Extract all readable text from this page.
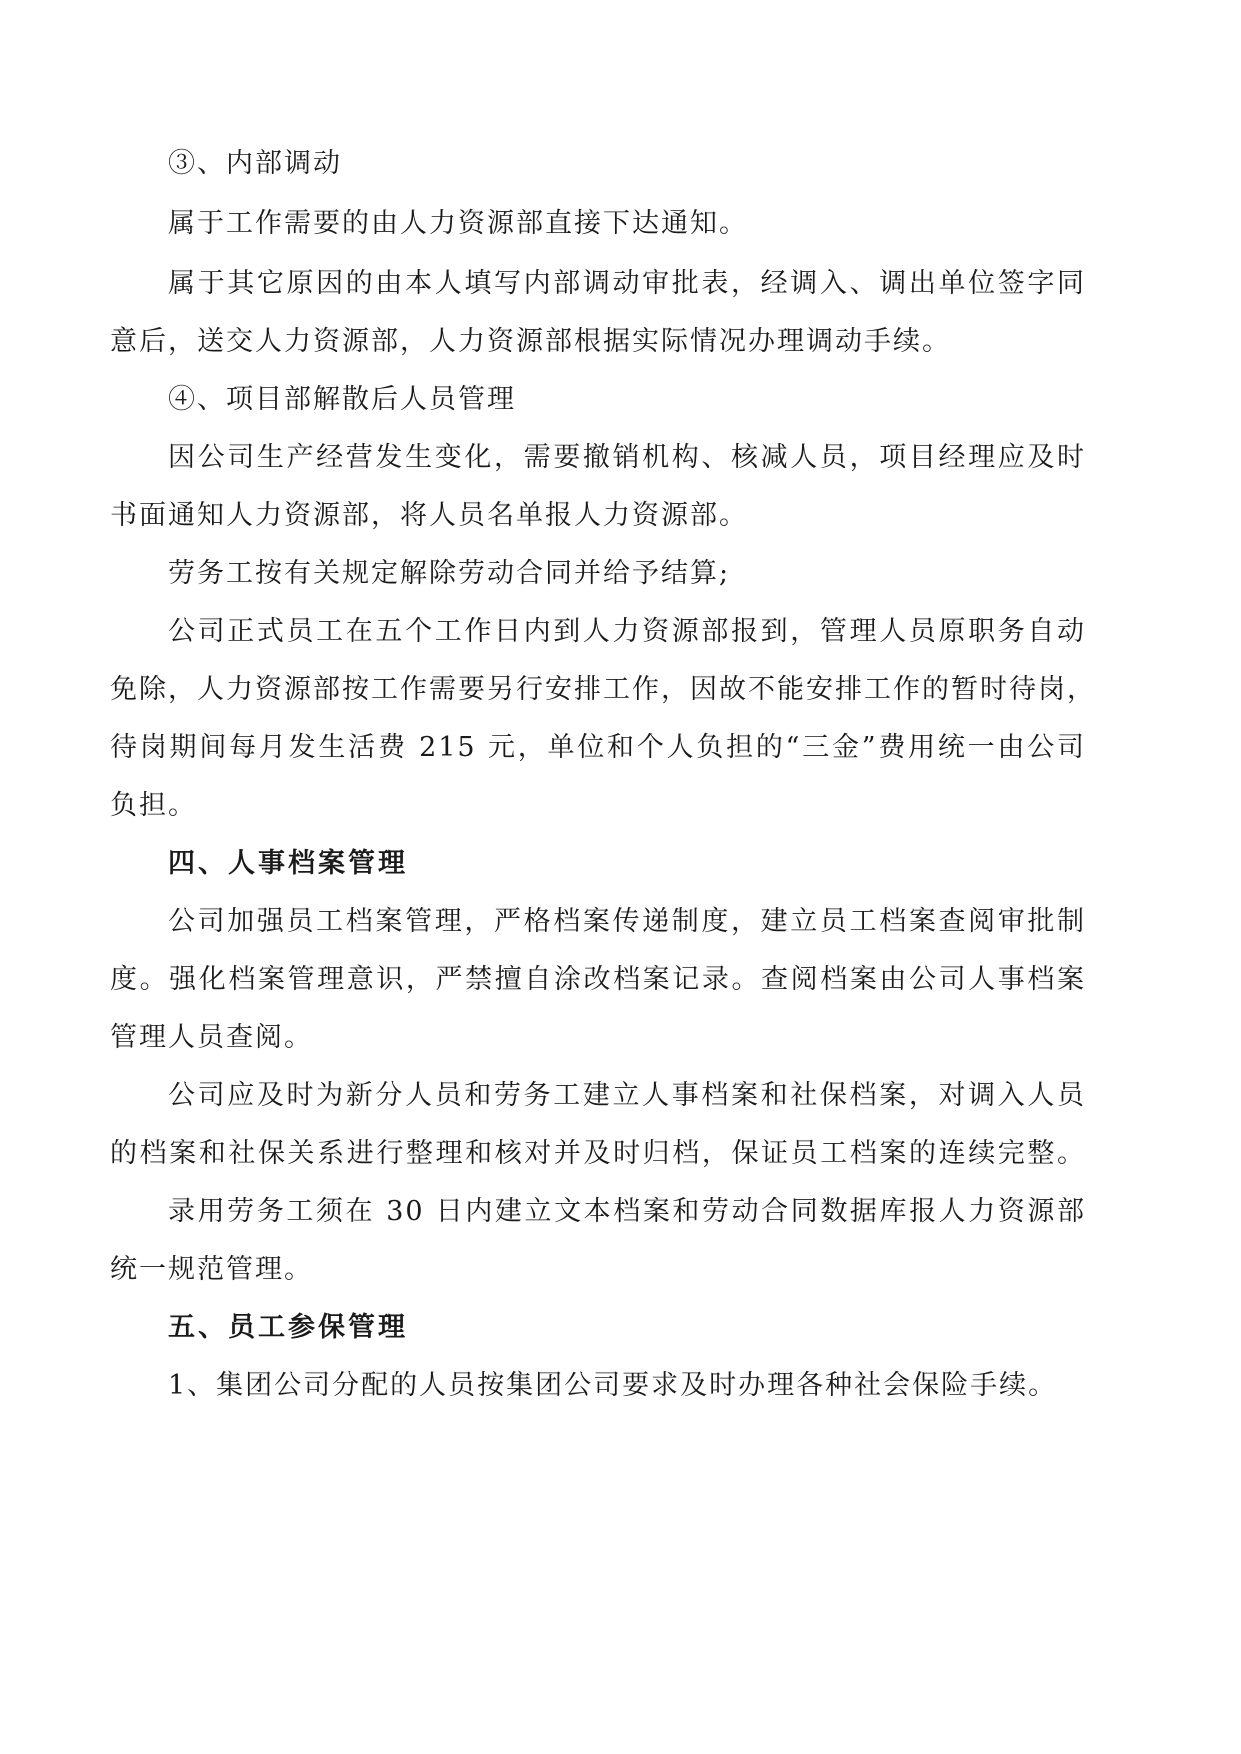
③、内部调动
属于工作需要的由人力资源部直接下达通知。
属于其它原因的由本人填写内部调动审批表，经调入、调出单位签字同
意后，送交人力资源部，人力资源部根据实际情况办理调动手续。
④、项目部解散后人员管理
因公司生产经营发生变化，需要撤销机构、核减人员，项目经理应及时
书面通知人力资源部，将人员名单报人力资源部。
劳务工按有关规定解除劳动合同并给予结算;
公司正式员工在五个工作日内到人力资源部报到，管理人员原职务自动
免除，人力资源部按工作需要另行安排工作，因故不能安排工作的暂时待岗，
待岗期间每月发生活费 215 元，单位和个人负担的“三金”费用统一由公司
负担。
四、人事档案管理
公司加强员工档案管理，严格档案传递制度，建立员工档案查阅审批制
度。强化档案管理意识，严禁擅自涂改档案记录。查阅档案由公司人事档案
管理人员查阅。
公司应及时为新分人员和劳务工建立人事档案和社保档案，对调入人员
的档案和社保关系进行整理和核对并及时归档，保证员工档案的连续完整。
录用劳务工须在 30 日内建立文本档案和劳动合同数据库报人力资源部
统一规范管理。
五、员工参保管理
1、集团公司分配的人员按集团公司要求及时办理各种社会保险手续。
